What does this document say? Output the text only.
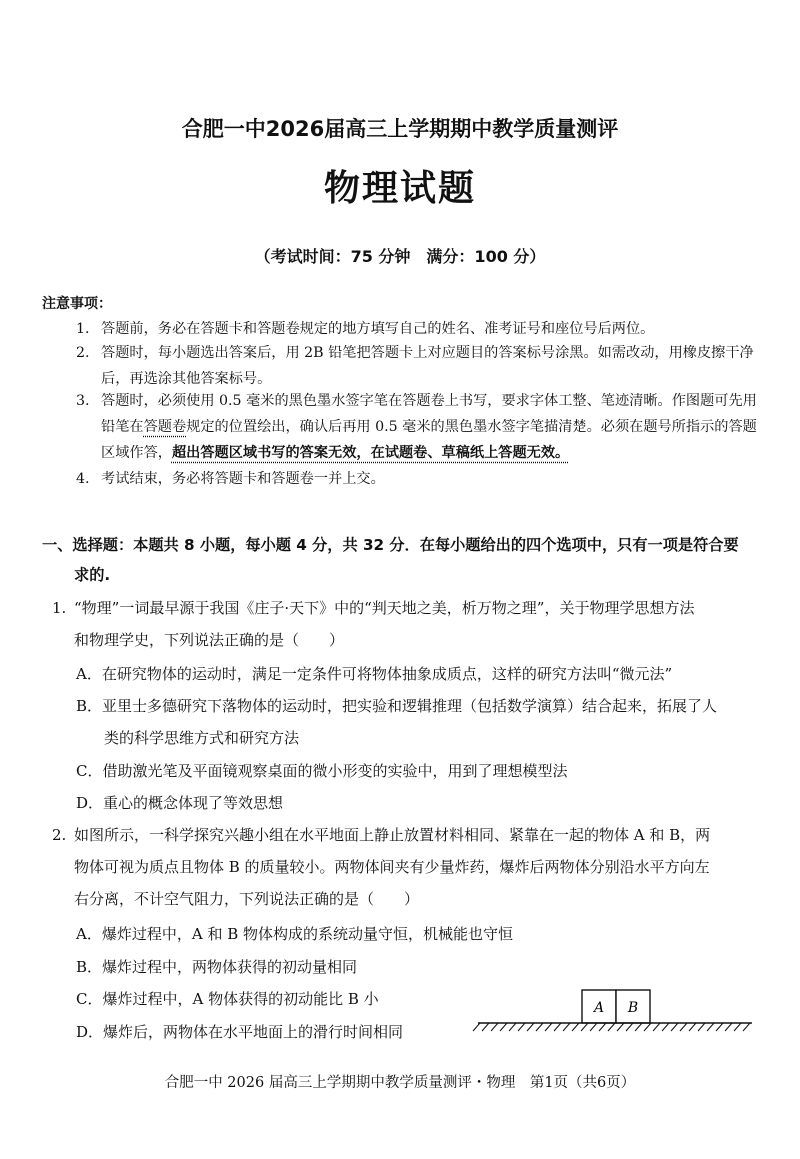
合肥一中2026届高三上学期期中教学质量测评
物理试题
（考试时间：75 分钟　满分：100 分）
注意事项：
1. 答题前，务必在答题卡和答题卷规定的地方填写自己的姓名、准考证号和座位号后两位。
2. 答题时，每小题选出答案后，用 2B 铅笔把答题卡上对应题目的答案标号涂黑。如需改动，用橡皮擦干净后，再选涂其他答案标号。
3. 答题时，必须使用 0.5 毫米的黑色墨水签字笔在答题卷上书写，要求字体工整、笔迹清晰。作图题可先用铅笔在答题卷规定的位置绘出，确认后再用 0.5 毫米的黑色墨水签字笔描清楚。必须在题号所指示的答题区域作答，超出答题区域书写的答案无效，在试题卷、草稿纸上答题无效。
4. 考试结束，务必将答题卡和答题卷一并上交。
一、选择题：本题共 8 小题，每小题 4 分，共 32 分．在每小题给出的四个选项中，只有一项是符合要
求的.
1. “物理”一词最早源于我国《庄子·天下》中的“判天地之美，析万物之理”，关于物理学思想方法
和物理学史，下列说法正确的是（　　）
A．在研究物体的运动时，满足一定条件可将物体抽象成质点，这样的研究方法叫“微元法”
B．亚里士多德研究下落物体的运动时，把实验和逻辑推理（包括数学演算）结合起来，拓展了人
类的科学思维方式和研究方法
C．借助激光笔及平面镜观察桌面的微小形变的实验中，用到了理想模型法
D．重心的概念体现了等效思想
2. 如图所示，一科学探究兴趣小组在水平地面上静止放置材料相同、紧靠在一起的物体 A 和 B，两
物体可视为质点且物体 B 的质量较小。两物体间夹有少量炸药，爆炸后两物体分别沿水平方向左
右分离，不计空气阻力，下列说法正确的是（　　）
A．爆炸过程中，A 和 B 物体构成的系统动量守恒，机械能也守恒
B．爆炸过程中，两物体获得的初动量相同
C．爆炸过程中，A 物体获得的初动能比 B 小
D．爆炸后，两物体在水平地面上的滑行时间相同
A B
合肥一中 2026 届高三上学期期中教学质量测评・物理　第1页（共6页）
